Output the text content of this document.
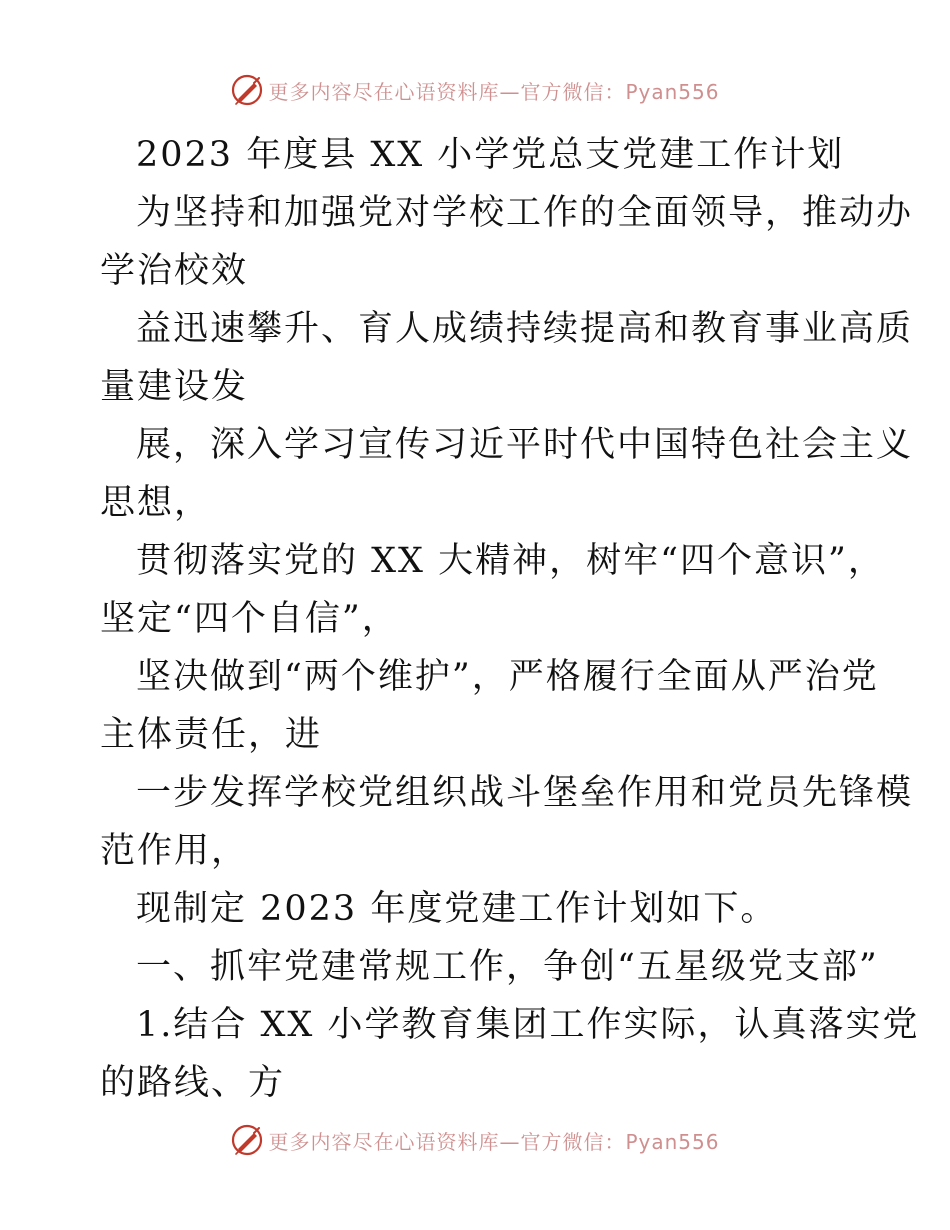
更多内容尽在心语资料库—官方微信：Pyan556
2023 年度县 XX 小学党总支党建工作计划
为坚持和加强党对学校工作的全面领导，推动办
学治校效
益迅速攀升、育人成绩持续提高和教育事业高质
量建设发
展，深入学习宣传习近平时代中国特色社会主义
思想，
贯彻落实党的 XX 大精神，树牢“四个意识”，
坚定“四个自信”，
坚决做到“两个维护”，严格履行全面从严治党
主体责任，进
一步发挥学校党组织战斗堡垒作用和党员先锋模
范作用，
现制定 2023 年度党建工作计划如下。
一、抓牢党建常规工作，争创“五星级党支部”
1.结合 XX 小学教育集团工作实际，认真落实党
的路线、方
更多内容尽在心语资料库—官方微信：Pyan556
